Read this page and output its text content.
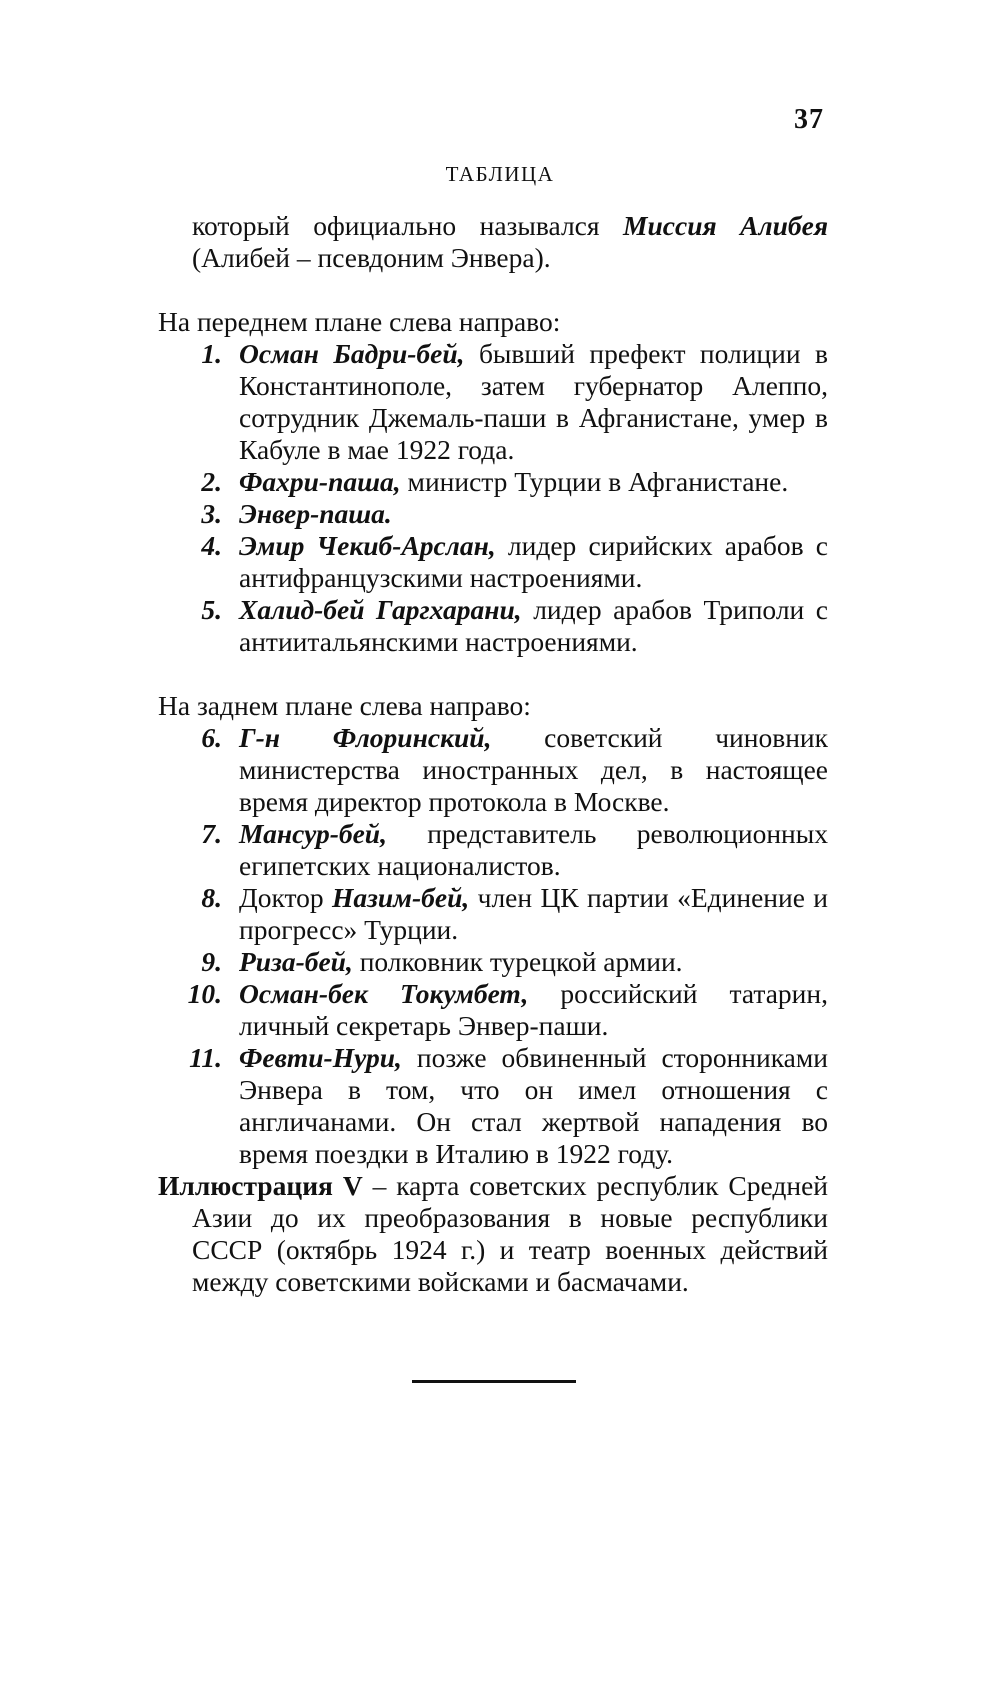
37
ТАБЛИЦА

который официально назывался Миссия Алибея (Алибей – псевдоним Энвера).

На переднем плане слева направо:

1. Осман Бадри-бей, бывший префект полиции в Константинополе, затем губернатор Алеппо, сотрудник Джемаль-паши в Афганистане, умер в Кабуле в мае 1922 года.
2. Фахри-паша, министр Турции в Афганистане.
3. Энвер-паша.
4. Эмир Чекиб-Арслан, лидер сирийских арабов с антифранцузскими настроениями.
5. Халид-бей Гаргхарани, лидер арабов Триполи с антиитальянскими настроениями.

На заднем плане слева направо:

6. Г-н Флоринский, советский чиновник министерства иностранных дел, в настоящее время директор протокола в Москве.
7. Мансур-бей, представитель революционных египетских националистов.
8. Доктор Назим-бей, член ЦК партии «Единение и прогресс» Турции.
9. Риза-бей, полковник турецкой армии.
10. Осман-бек Токумбет, российский татарин, личный секретарь Энвер-паши.
11. Февти-Нури, позже обвиненный сторонниками Энвера в том, что он имел отношения с англичанами. Он стал жертвой нападения во время поездки в Италию в 1922 году.

Иллюстрация V – карта советских республик Средней Азии до их преобразования в новые республики СССР (октябрь 1924 г.) и театр военных действий между советскими войсками и басмачами.
